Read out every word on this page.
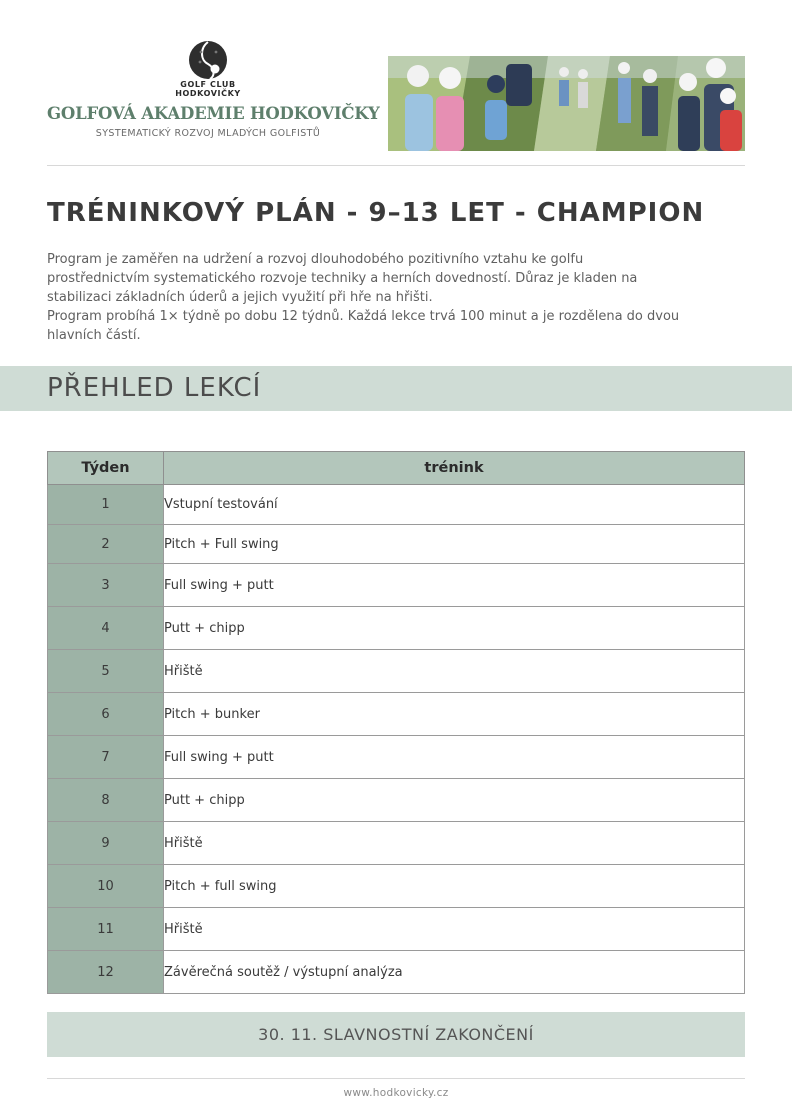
GOLF CLUB
HODKOVIČKY
GOLFOVÁ AKADEMIE HODKOVIČKY
SYSTEMATICKÝ ROZVOJ MLADÝCH GOLFISTŮ
TRÉNINKOVÝ PLÁN - 9–13 LET - CHAMPION

Program je zaměřen na udržení a rozvoj dlouhodobého pozitivního vztahu ke golfu prostřednictvím systematického rozvoje techniky a herních dovedností. Důraz je kladen na stabilizaci základních úderů a jejich využití při hře na hřišti.

Program probíhá 1× týdně po dobu 12 týdnů. Každá lekce trvá 100 minut a je rozdělena do dvou hlavních částí.

PŘEHLED LEKCÍ
Týden	trénink
1	Vstupní testování
2	Pitch + Full swing
3	Full swing + putt
4	Putt + chipp
5	Hřiště
6	Pitch + bunker
7	Full swing + putt
8	Putt + chipp
9	Hřiště
10	Pitch + full swing
11	Hřiště
12	Závěrečná soutěž / výstupní analýza
30. 11. SLAVNOSTNÍ ZAKONČENÍ
www.hodkovicky.cz
